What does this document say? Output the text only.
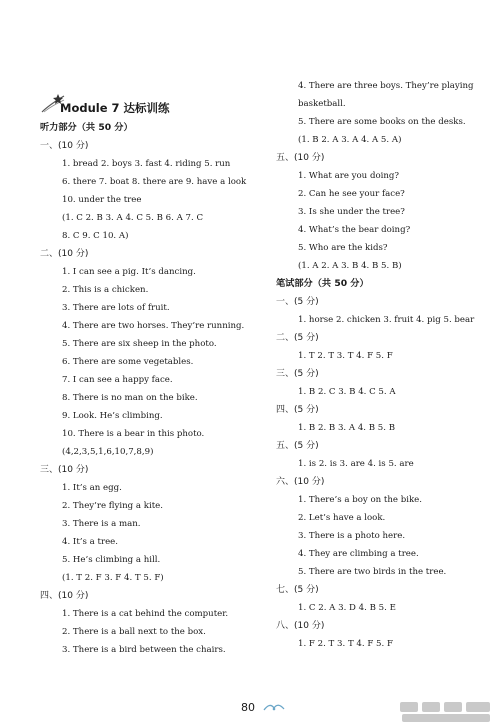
Module 7 达标训练
听力部分（共 50 分）
一、(10 分)
1. bread 2. boys 3. fast 4. riding 5. run
6. there 7. boat 8. there are 9. have a look
10. under the tree
(1. C 2. B 3. A 4. C 5. B 6. A 7. C
8. C 9. C 10. A)
二、(10 分)
1. I can see a pig. It’s dancing.
2. This is a chicken.
3. There are lots of fruit.
4. There are two horses. They’re running.
5. There are six sheep in the photo.
6. There are some vegetables.
7. I can see a happy face.
8. There is no man on the bike.
9. Look. He’s climbing.
10. There is a bear in this photo.
(4,2,3,5,1,6,10,7,8,9)
三、(10 分)
1. It’s an egg.
2. They’re flying a kite.
3. There is a man.
4. It’s a tree.
5. He’s climbing a hill.
(1. T 2. F 3. F 4. T 5. F)
四、(10 分)
1. There is a cat behind the computer.
2. There is a ball next to the box.
3. There is a bird between the chairs.
4. There are three boys. They’re playing
basketball.
5. There are some books on the desks.
(1. B 2. A 3. A 4. A 5. A)
五、(10 分)
1. What are you doing?
2. Can he see your face?
3. Is she under the tree?
4. What’s the bear doing?
5. Who are the kids?
(1. A 2. A 3. B 4. B 5. B)
笔试部分（共 50 分）
一、(5 分)
1. horse 2. chicken 3. fruit 4. pig 5. bear
二、(5 分)
1. T 2. T 3. T 4. F 5. F
三、(5 分)
1. B 2. C 3. B 4. C 5. A
四、(5 分)
1. B 2. B 3. A 4. B 5. B
五、(5 分)
1. is 2. is 3. are 4. is 5. are
六、(10 分)
1. There’s a boy on the bike.
2. Let’s have a look.
3. There is a photo here.
4. They are climbing a tree.
5. There are two birds in the tree.
七、(5 分)
1. C 2. A 3. D 4. B 5. E
八、(10 分)
1. F 2. T 3. T 4. F 5. F
80
